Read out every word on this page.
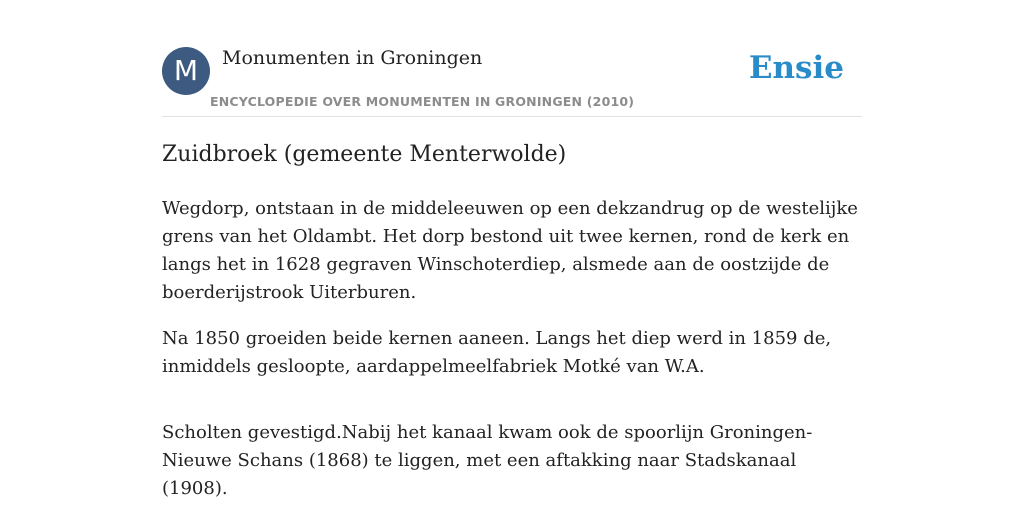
M	Monumenten in Groningen
ENCYCLOPEDIE OVER MONUMENTEN IN GRONINGEN (2010)
Ensie
Zuidbroek (gemeente Menterwolde)

Wegdorp, ontstaan in de middeleeuwen op een dekzandrug op de westelijke grens van het Oldambt. Het dorp bestond uit twee kernen, rond de kerk en langs het in 1628 gegraven Winschoterdiep, alsmede aan de oostzijde de boerderijstrook Uiterburen.

Na 1850 groeiden beide kernen aaneen. Langs het diep werd in 1859 de, inmiddels gesloopte, aardappelmeelfabriek Motké van W.A.

Scholten gevestigd.Nabij het kanaal kwam ook de spoorlijn Groningen-Nieuwe Schans (1868) te liggen, met een aftakking naar Stadskanaal (1908).
